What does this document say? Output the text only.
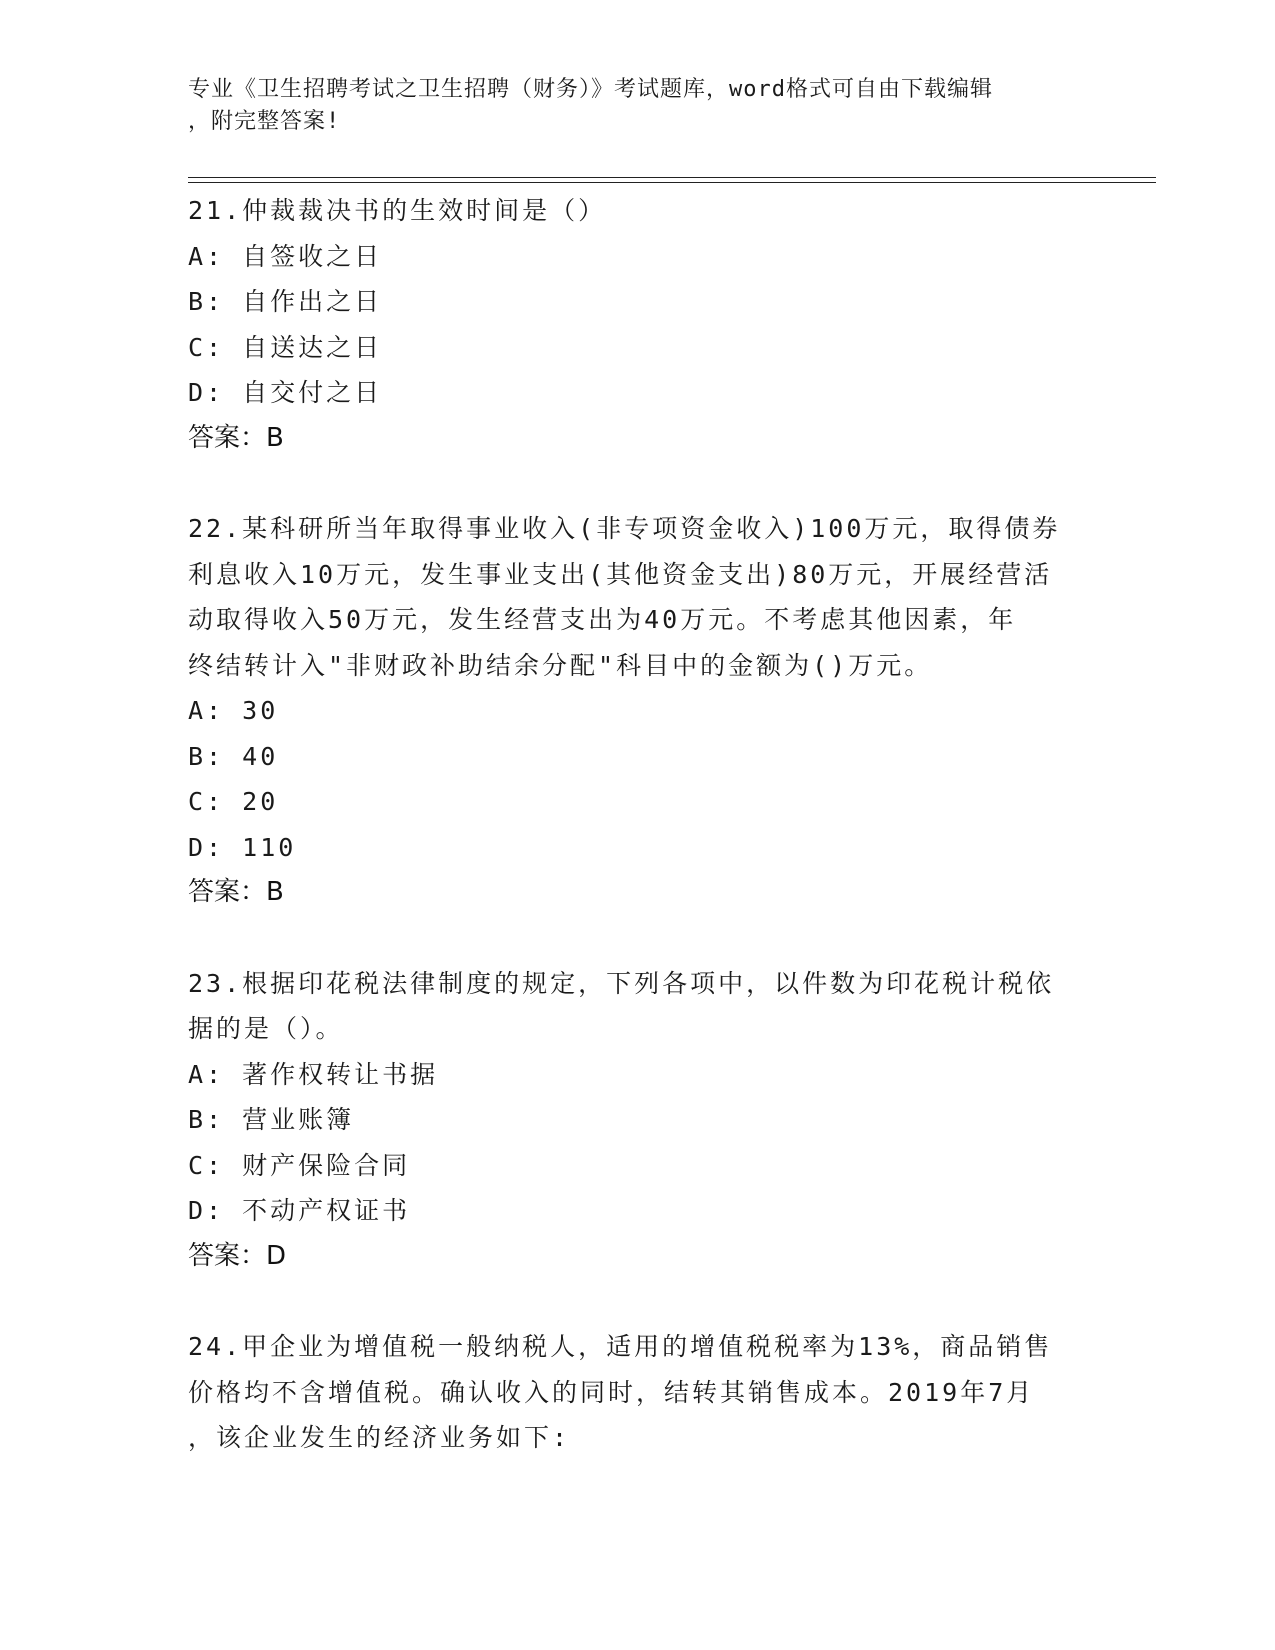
专业《卫生招聘考试之卫生招聘（财务）》考试题库，word格式可自由下载编辑
，附完整答案!
21.仲裁裁决书的生效时间是（）
A: 自签收之日
B: 自作出之日
C: 自送达之日
D: 自交付之日
答案：B
22.某科研所当年取得事业收入(非专项资金收入)100万元，取得债券
利息收入10万元，发生事业支出(其他资金支出)80万元，开展经营活
动取得收入50万元，发生经营支出为40万元。不考虑其他因素，年
终结转计入"非财政补助结余分配"科目中的金额为()万元。
A: 30
B: 40
C: 20
D: 110
答案：B
23.根据印花税法律制度的规定，下列各项中，以件数为印花税计税依
据的是（）。
A: 著作权转让书据
B: 营业账簿
C: 财产保险合同
D: 不动产权证书
答案：D
24.甲企业为增值税一般纳税人，适用的增值税税率为13%，商品销售
价格均不含增值税。确认收入的同时，结转其销售成本。2019年7月
，该企业发生的经济业务如下:
